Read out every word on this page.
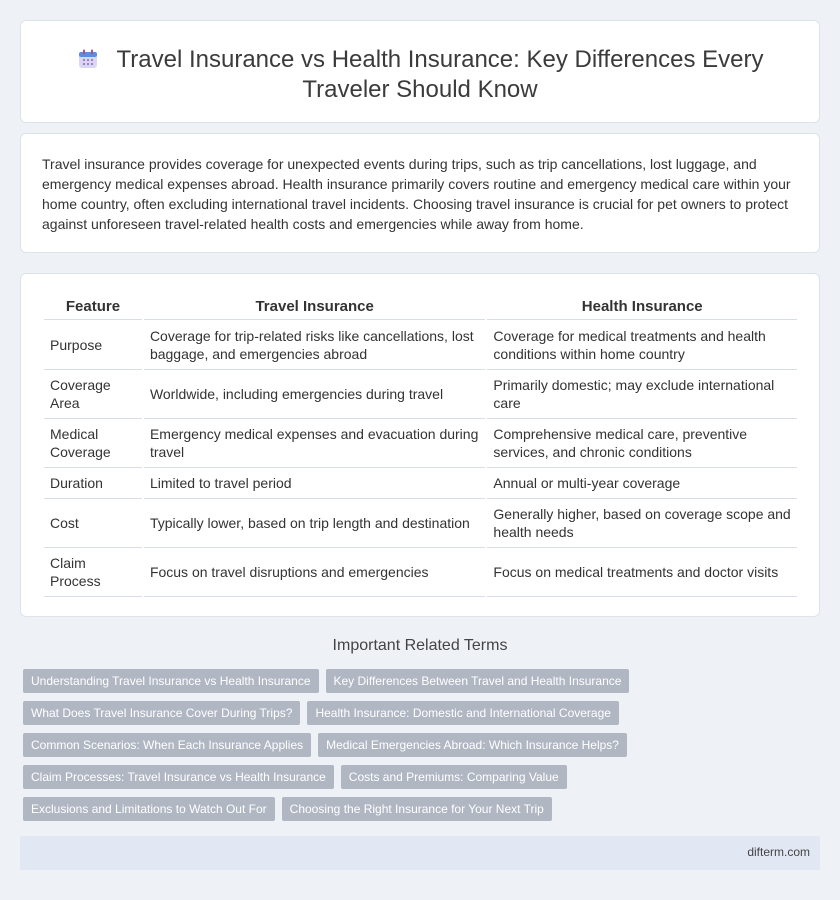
Travel Insurance vs Health Insurance: Key Differences Every Traveler Should Know

Travel insurance provides coverage for unexpected events during trips, such as trip cancellations, lost luggage, and emergency medical expenses abroad. Health insurance primarily covers routine and emergency medical care within your home country, often excluding international travel incidents. Choosing travel insurance is crucial for pet owners to protect against unforeseen travel-related health costs and emergencies while away from home.

Feature	Travel Insurance	Health Insurance
Purpose	Coverage for trip-related risks like cancellations, lost baggage, and emergencies abroad	Coverage for medical treatments and health conditions within home country
Coverage Area	Worldwide, including emergencies during travel	Primarily domestic; may exclude international care
Medical Coverage	Emergency medical expenses and evacuation during travel	Comprehensive medical care, preventive services, and chronic conditions
Duration	Limited to travel period	Annual or multi-year coverage
Cost	Typically lower, based on trip length and destination	Generally higher, based on coverage scope and health needs
Claim Process	Focus on travel disruptions and emergencies	Focus on medical treatments and doctor visits
Important Related Terms
Understanding Travel Insurance vs Health Insurance	Key Differences Between Travel and Health Insurance
What Does Travel Insurance Cover During Trips?	Health Insurance: Domestic and International Coverage
Common Scenarios: When Each Insurance Applies	Medical Emergencies Abroad: Which Insurance Helps?
Claim Processes: Travel Insurance vs Health Insurance	Costs and Premiums: Comparing Value
Exclusions and Limitations to Watch Out For	Choosing the Right Insurance for Your Next Trip
difterm.com
